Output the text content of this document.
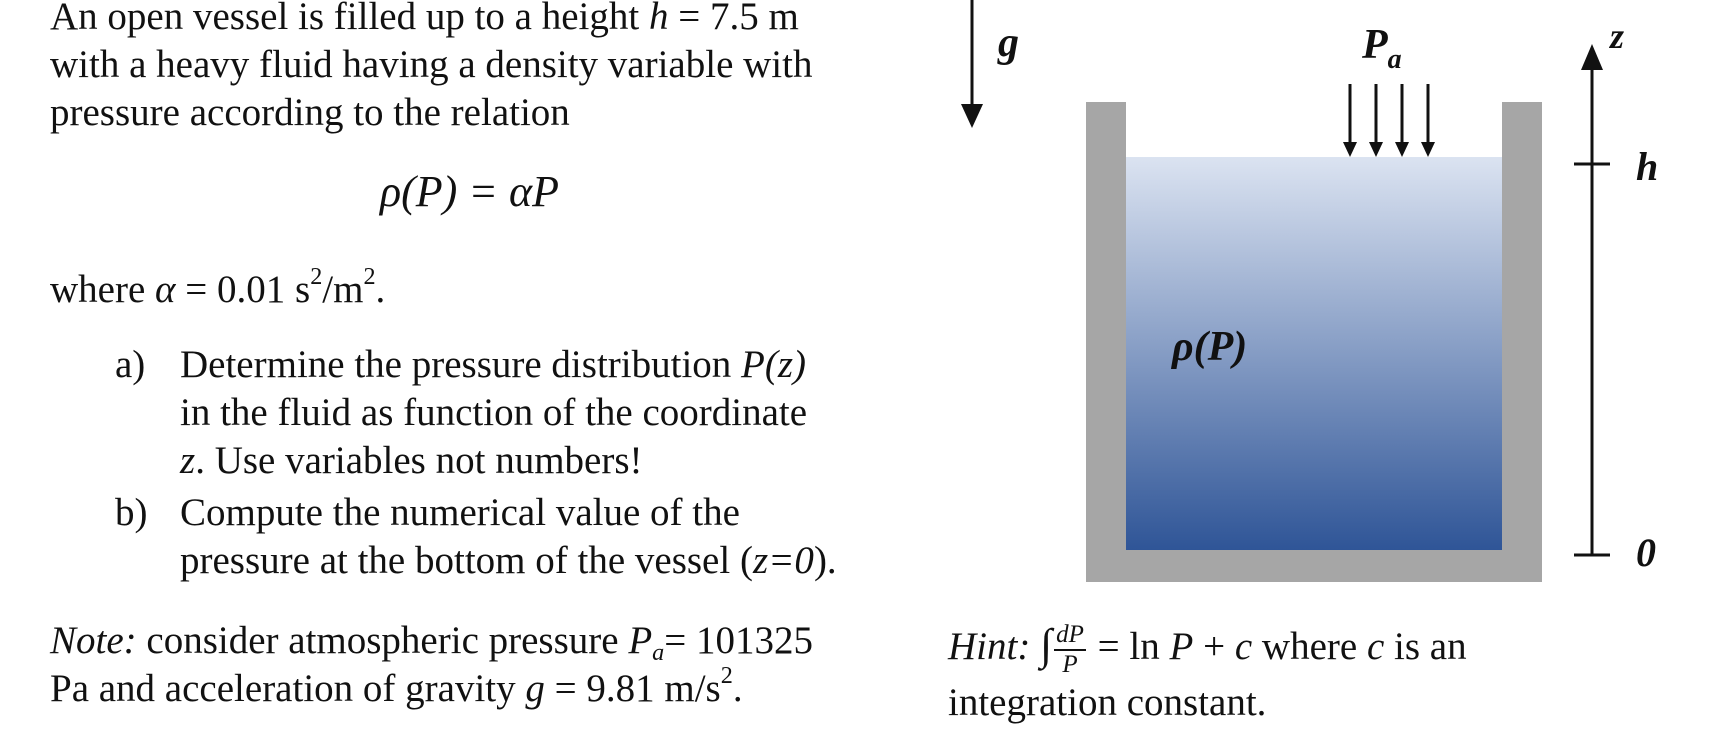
An open vessel is filled up to a height h = 7.5 m
with a heavy fluid having a density variable with
pressure according to the relation
ρ(P) = αP
where α = 0.01 $s^2/m^2$.
a) Determine the pressure distribution P(z)
in the fluid as function of the coordinate
z. Use variables not numbers!
b) Compute the numerical value of the
pressure at the bottom of the vessel (z=0).
Note: consider atmospheric pressure $P_a= 101325$
Pa and acceleration of gravity g = 9.81 $m/s^2$.
Hint: ∫ $\frac{dP}{P} = \ln P + c$ where c is an
integration constant.
g
ρ(P)
$P_a$
z
h
0
